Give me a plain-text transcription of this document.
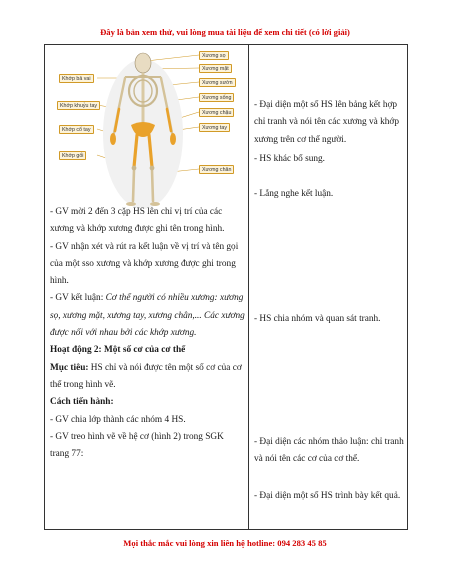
Đây là bản xem thử, vui lòng mua tài liệu để xem chi tiết (có lời giải)
Xương sọ
Xương mặt
Xương sườn
Xương sống
Xương chậu
Xương tay
Xương chân
Khớp bả vai
Khớp khuỷu tay
Khớp cổ tay
Khớp gối

- GV mời 2 đến 3 cặp HS lên chỉ vị trí của các xương và khớp xương được ghi tên trong hình.

- GV nhận xét và rút ra kết luận về vị trí và tên gọi của một sso xương và khớp xương được ghi trong hình.

- GV kết luận: Cơ thể người có nhiều xương: xương sọ, xương mặt, xương tay, xương chân,... Các xương được nối với nhau bởi các khớp xương.

Hoạt động 2: Một số cơ của cơ thể

Mục tiêu: HS chỉ và nói được tên một số cơ của cơ thể trong hình vẽ.

Cách tiến hành:

- GV chia lớp thành các nhóm 4 HS.

- GV treo hình vẽ về hệ cơ (hình 2) trong SGK trang 77:

- Đại diện một số HS lên bảng kết hợp chỉ tranh và nói tên các xương và khớp xương trên cơ thể người.
- HS khác bổ sung.
- Lắng nghe kết luận.
- HS chia nhóm và quan sát tranh.
- Đại diện các nhóm thảo luận: chỉ tranh và nói tên các cơ của cơ thể.
- Đại diện một số HS trình bày kết quả.
Mọi thắc mắc vui lòng xin liên hệ hotline: 094 283 45 85
